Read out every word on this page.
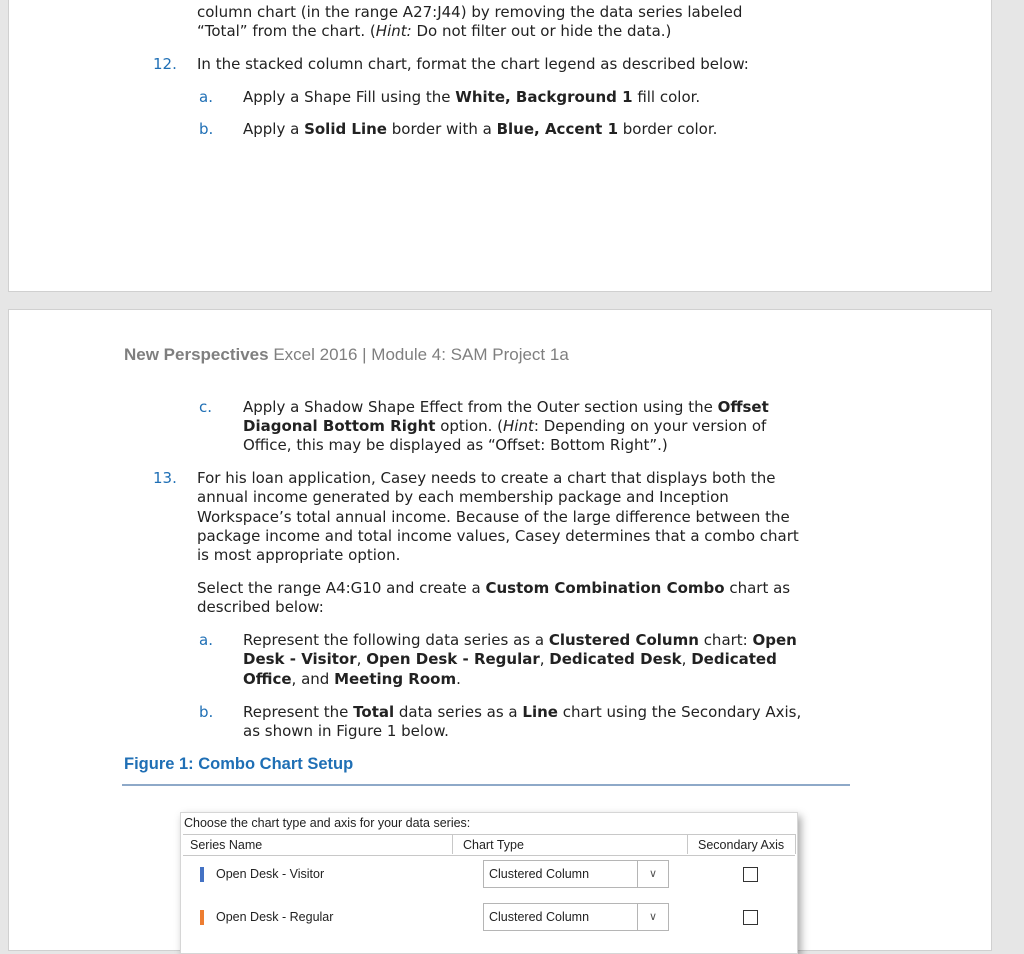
column chart (in the range A27:J44) by removing the data series labeled

“Total” from the chart. (Hint: Do not filter out or hide the data.)

12. In the stacked column chart, format the chart legend as described below:

a. Apply a Shape Fill using the White, Background 1 fill color.

b. Apply a Solid Line border with a Blue, Accent 1 border color.

New Perspectives Excel 2016 | Module 4: SAM Project 1a
c. Apply a Shadow Shape Effect from the Outer section using the Offset

Diagonal Bottom Right option. (Hint: Depending on your version of

Office, this may be displayed as “Offset: Bottom Right”.)

13. For his loan application, Casey needs to create a chart that displays both the

annual income generated by each membership package and Inception

Workspace’s total annual income. Because of the large difference between the

package income and total income values, Casey determines that a combo chart

is most appropriate option.

Select the range A4:G10 and create a Custom Combination Combo chart as

described below:

a. Represent the following data series as a Clustered Column chart: Open

Desk - Visitor, Open Desk - Regular, Dedicated Desk, Dedicated

Office, and Meeting Room.

b. Represent the Total data series as a Line chart using the Secondary Axis,

as shown in Figure 1 below.

Figure 1: Combo Chart Setup
Choose the chart type and axis for your data series:
Series Name	Chart Type	Secondary Axis
Open Desk - Visitor	Clustered Column	∨
Open Desk - Regular	Clustered Column	∨
